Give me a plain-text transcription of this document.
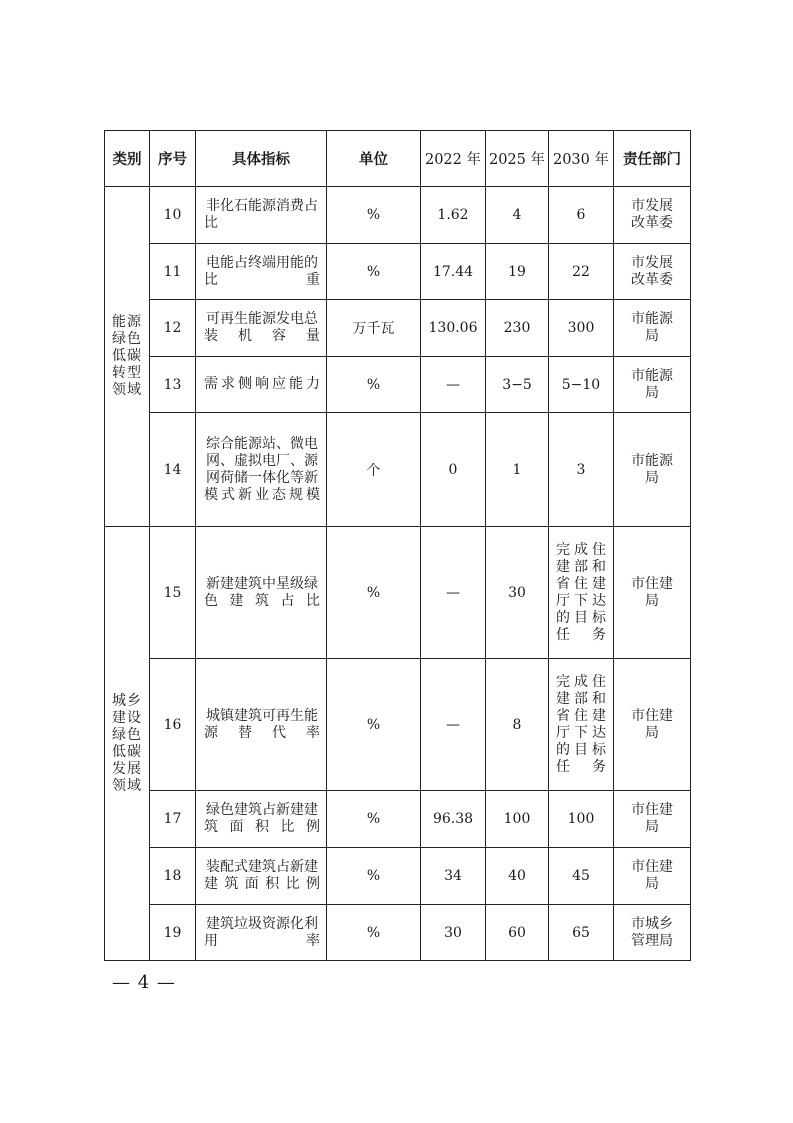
类别	序号	具体指标	单位	2022 年	2025 年	2030 年	责任部门
能源绿色低碳转型领域	10	非化石能源消费占比	%	1.62	4	6	市发展改革委
	11	电能占终端用能的比重	%	17.44	19	22	市发展改革委
	12	可再生能源发电总装机容量	万千瓦	130.06	230	300	市能源局
	13	需求侧响应能力	%	—	3−5	5−10	市能源局
	14	综合能源站、微电网、虚拟电厂、源网荷储一体化等新模式新业态规模	个	0	1	3	市能源局
城乡建设绿色低碳发展领域	15	新建建筑中星级绿色建筑占比	%	—	30	完成住建部和省住建厅下达的目标任务	市住建局
	16	城镇建筑可再生能源替代率	%	—	8	完成住建部和省住建厅下达的目标任务	市住建局
	17	绿色建筑占新建建筑面积比例	%	96.38	100	100	市住建局
	18	装配式建筑占新建建筑面积比例	%	34	40	45	市住建局
	19	建筑垃圾资源化利用率	%	30	60	65	市城乡管理局
— 4 —
